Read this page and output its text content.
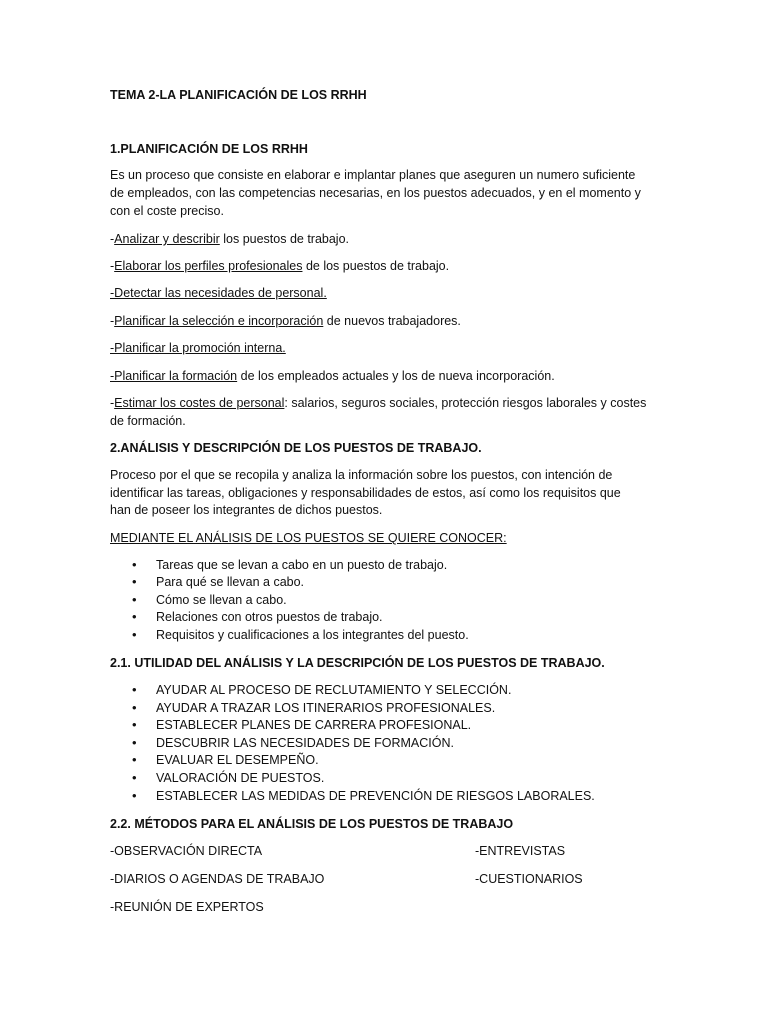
TEMA 2-LA PLANIFICACIÓN DE LOS RRHH
1.PLANIFICACIÓN DE LOS RRHH
Es un proceso que consiste en elaborar e implantar planes que aseguren un numero suficiente
de empleados, con las competencias necesarias, en los puestos adecuados, y en el momento y
con el coste preciso.
-Analizar y describir los puestos de trabajo.
-Elaborar los perfiles profesionales de los puestos de trabajo.
-Detectar las necesidades de personal.
-Planificar la selección e incorporación de nuevos trabajadores.
-Planificar la promoción interna.
-Planificar la formación de los empleados actuales y los de nueva incorporación.
-Estimar los costes de personal: salarios, seguros sociales, protección riesgos laborales y costes
de formación.
2.ANÁLISIS Y DESCRIPCIÓN DE LOS PUESTOS DE TRABAJO.
Proceso por el que se recopila y analiza la información sobre los puestos, con intención de
identificar las tareas, obligaciones y responsabilidades de estos, así como los requisitos que
han de poseer los integrantes de dichos puestos.
MEDIANTE EL ANÁLISIS DE LOS PUESTOS SE QUIERE CONOCER:
• Tareas que se levan a cabo en un puesto de trabajo.
• Para qué se llevan a cabo.
• Cómo se llevan a cabo.
• Relaciones con otros puestos de trabajo.
• Requisitos y cualificaciones a los integrantes del puesto.
2.1. UTILIDAD DEL ANÁLISIS Y LA DESCRIPCIÓN DE LOS PUESTOS DE TRABAJO.
• AYUDAR AL PROCESO DE RECLUTAMIENTO Y SELECCIÓN.
• AYUDAR A TRAZAR LOS ITINERARIOS PROFESIONALES.
• ESTABLECER PLANES DE CARRERA PROFESIONAL.
• DESCUBRIR LAS NECESIDADES DE FORMACIÓN.
• EVALUAR EL DESEMPEÑO.
• VALORACIÓN DE PUESTOS.
• ESTABLECER LAS MEDIDAS DE PREVENCIÓN DE RIESGOS LABORALES.
2.2. MÉTODOS PARA EL ANÁLISIS DE LOS PUESTOS DE TRABAJO
-OBSERVACIÓN DIRECTA	-ENTREVISTAS
-DIARIOS O AGENDAS DE TRABAJO	-CUESTIONARIOS
-REUNIÓN DE EXPERTOS
